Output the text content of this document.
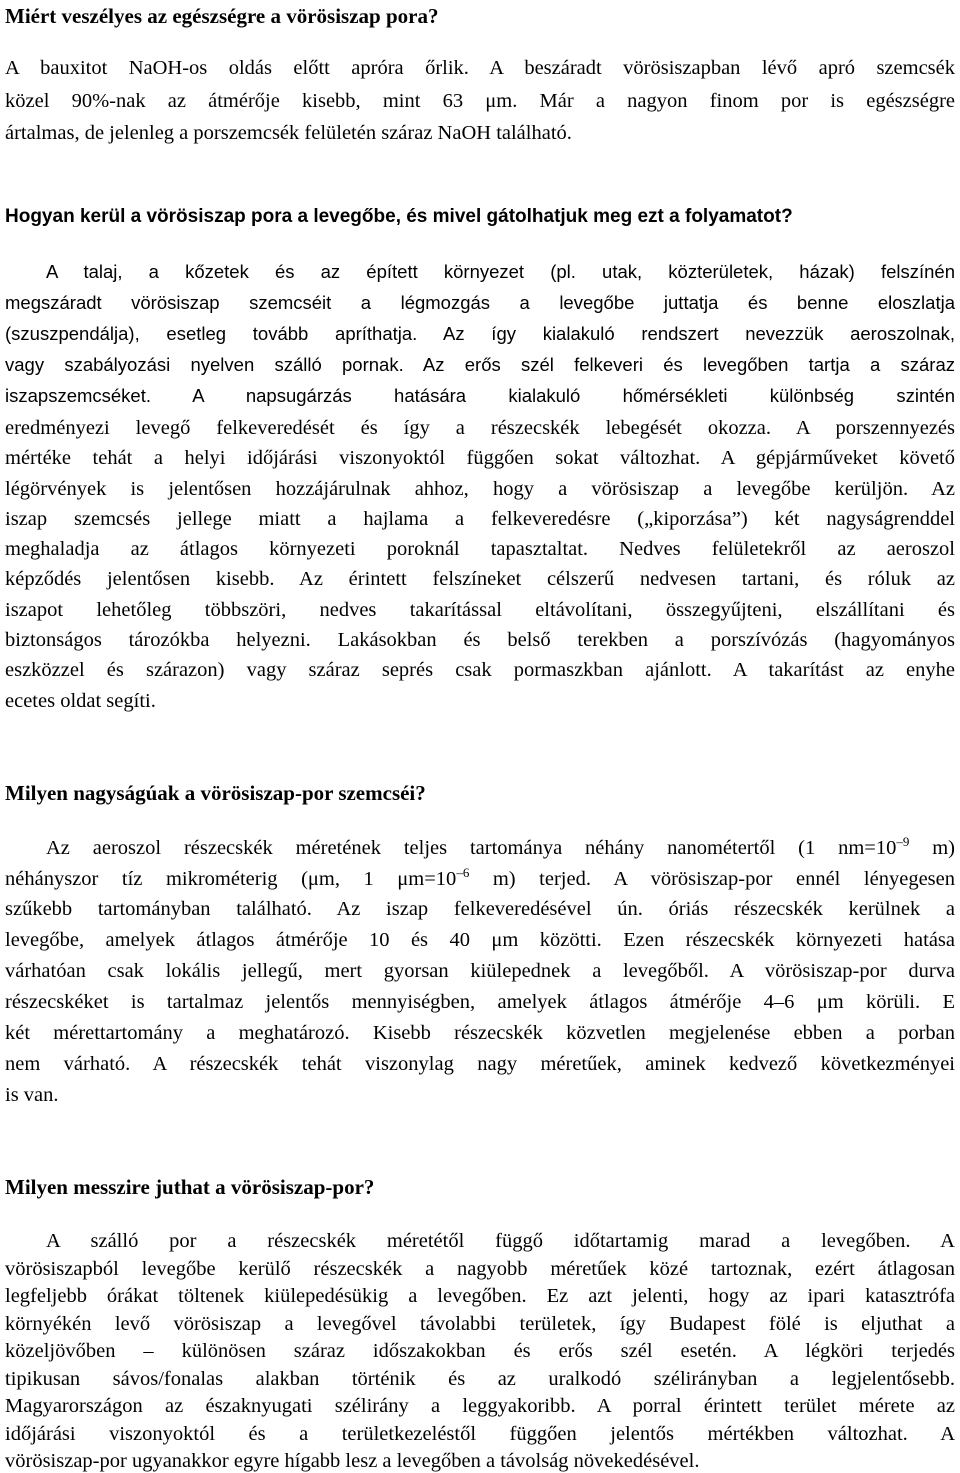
Miért veszélyes az egészségre a vörösiszap pora?
A bauxitot NaOH-os oldás előtt apróra őrlik. A beszáradt vörösiszapban lévő apró szemcsék
közel 90%-nak az átmérője kisebb, mint 63 μm. Már a nagyon finom por is egészségre
ártalmas, de jelenleg a porszemcsék felületén száraz NaOH található.
Hogyan kerül a vörösiszap pora a levegőbe, és mivel gátolhatjuk meg ezt a folyamatot?
A talaj, a kőzetek és az épített környezet (pl. utak, közterületek, házak) felszínén
megszáradt vörösiszap szemcséit a légmozgás a levegőbe juttatja és benne eloszlatja
(szuszpendálja), esetleg tovább apríthatja. Az így kialakuló rendszert nevezzük aeroszolnak,
vagy szabályozási nyelven szálló pornak. Az erős szél felkeveri és levegőben tartja a száraz
iszapszemcséket. A napsugárzás hatására kialakuló hőmérsékleti különbség szintén
eredményezi levegő felkeveredését és így a részecskék lebegését okozza. A porszennyezés
mértéke tehát a helyi időjárási viszonyoktól függően sokat változhat. A gépjárműveket követő
légörvények is jelentősen hozzájárulnak ahhoz, hogy a vörösiszap a levegőbe kerüljön. Az
iszap szemcsés jellege miatt a hajlama a felkeveredésre („kiporzása”) két nagyságrenddel
meghaladja az átlagos környezeti poroknál tapasztaltat. Nedves felületekről az aeroszol
képződés jelentősen kisebb. Az érintett felszíneket célszerű nedvesen tartani, és róluk az
iszapot lehetőleg többszöri, nedves takarítással eltávolítani, összegyűjteni, elszállítani és
biztonságos tározókba helyezni. Lakásokban és belső terekben a porszívózás (hagyományos
eszközzel és szárazon) vagy száraz seprés csak pormaszkban ajánlott. A takarítást az enyhe
ecetes oldat segíti.
Milyen nagyságúak a vörösiszap-por szemcséi?
Az aeroszol részecskék méretének teljes tartománya néhány nanométertől (1 $nm=10^{-9}$ m)
néhányszor tíz mikrométerig (μm, 1 $\mu m=10^{-6}$ m) terjed. A vörösiszap-por ennél lényegesen
szűkebb tartományban található. Az iszap felkeveredésével ún. óriás részecskék kerülnek a
levegőbe, amelyek átlagos átmérője 10 és 40 μm közötti. Ezen részecskék környezeti hatása
várhatóan csak lokális jellegű, mert gyorsan kiülepednek a levegőből. A vörösiszap-por durva
részecskéket is tartalmaz jelentős mennyiségben, amelyek átlagos átmérője 4–6 μm körüli. E
két mérettartomány a meghatározó. Kisebb részecskék közvetlen megjelenése ebben a porban
nem várható. A részecskék tehát viszonylag nagy méretűek, aminek kedvező következményei
is van.
Milyen messzire juthat a vörösiszap-por?
A szálló por a részecskék méretétől függő időtartamig marad a levegőben. A
vörösiszapból levegőbe kerülő részecskék a nagyobb méretűek közé tartoznak, ezért átlagosan
legfeljebb órákat töltenek kiülepedésükig a levegőben. Ez azt jelenti, hogy az ipari katasztrófa
környékén levő vörösiszap a levegővel távolabbi területek, így Budapest fölé is eljuthat a
közeljövőben – különösen száraz időszakokban és erős szél esetén. A légköri terjedés
tipikusan sávos/fonalas alakban történik és az uralkodó szélirányban a legjelentősebb.
Magyarországon az északnyugati szélirány a leggyakoribb. A porral érintett terület mérete az
időjárási viszonyoktól és a területkezeléstől függően jelentős mértékben változhat. A
vörösiszap-por ugyanakkor egyre hígabb lesz a levegőben a távolság növekedésével.
